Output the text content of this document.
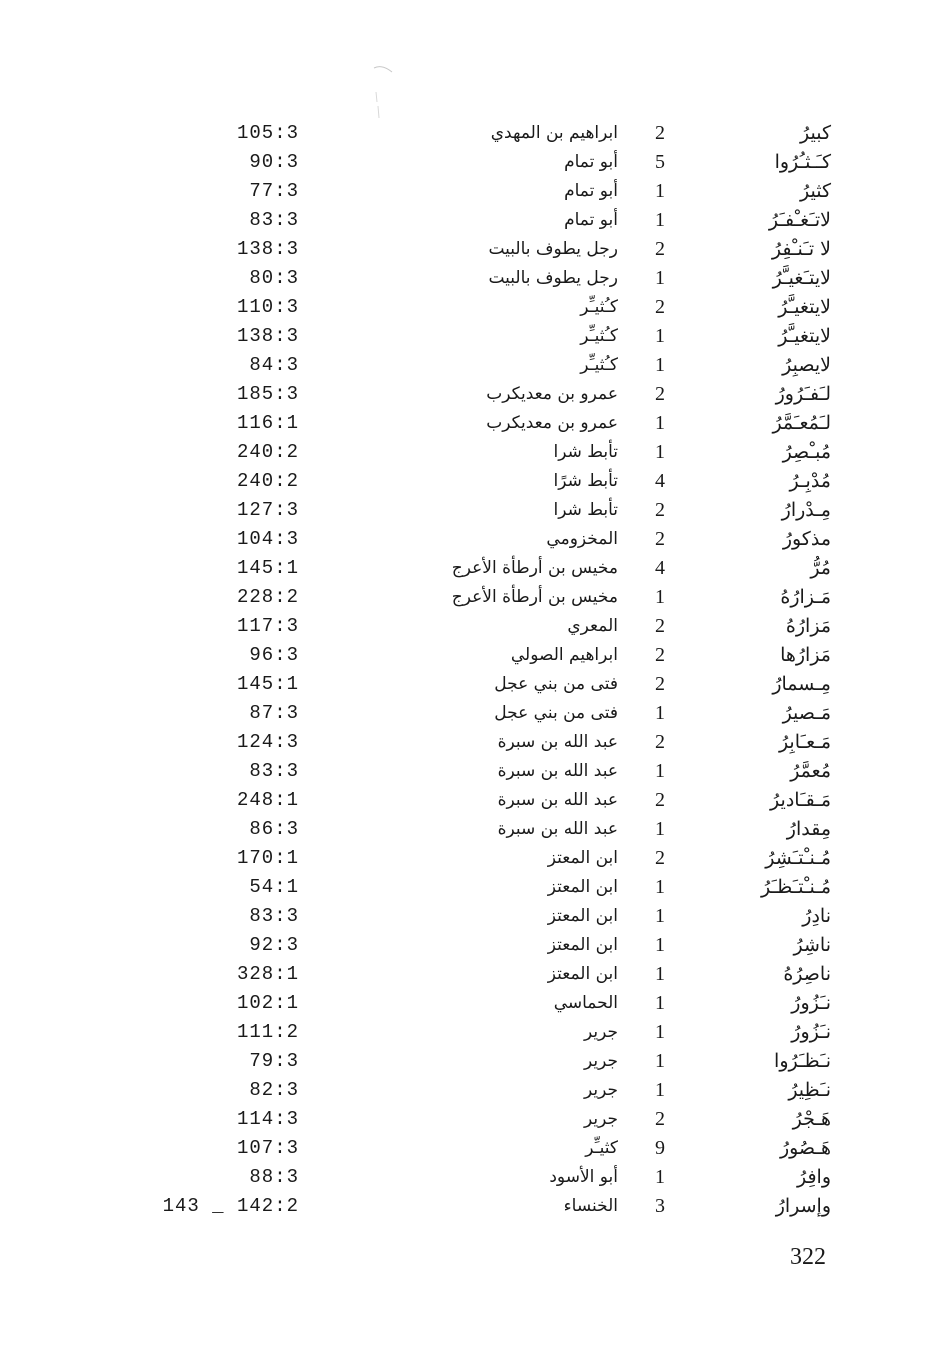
كبيرُ
2
ابراهيم بن المهدي
105:3
كـَـثـُرُوا
5
أبو تمام
90:3
كثيرُ
1
أبو تمام
77:3
لاتـَغـْفـَرُ
1
أبو تمام
83:3
لا تـَنـْفِرُ
2
رجل يطوف بالبيت
138:3
لايتـَغيـَّرُ
1
رجل يطوف بالبيت
80:3
لايتغيـَّرُ
2
كـُثيـِّر
110:3
لايتغيـَّرُ
1
كـُثيـِّر
138:3
لايصبِرُ
1
كـُثيـِّر
84:3
لـَفـَرُورُ
2
عمرو بن معديكرب
185:3
لـَمُعـَمَّرُ
1
عمرو بن معديكرب
116:1
مُبـْصِرُ
1
تأبط شرا
240:2
مُدْبِـرُ
4
تأبط شرًا
240:2
مِـدْرارُ
2
تأبط شرا
127:3
مذكورُ
2
المخزومي
104:3
مُرُّ
4
مخيس بن أرطأة الأعرج
145:1
مَـزارُهُ
1
مخيس بن أرطأة الأعرج
228:2
مَزارُهُ
2
المعري
117:3
مَزارُها
2
ابراهيم الصولي
96:3
مِـسمارُ
2
فتى من بني عجل
145:1
مَـصيرُ
1
فتى من بني عجل
87:3
مَـعـَابِرُ
2
عبد الله بن سبرة
124:3
مُعمَّرُ
1
عبد الله بن سبرة
83:3
مَـقـَاديرُ
2
عبد الله بن سبرة
248:1
مِقدارُ
1
عبد الله بن سبرة
86:3
مُـنـْتـَشِرُ
2
ابن المعتز
170:1
مُـنـْتـَظـَرُ
1
ابن المعتز
54:1
نادِرُ
1
ابن المعتز
83:3
ناشِرُ
1
ابن المعتز
92:3
ناصِرُهُ
1
ابن المعتز
328:1
نـَزُورُ
1
الحماسي
102:1
نـَزُورُ
1
جرير
111:2
نـَظـَرُوا
1
جرير
79:3
نـَظِيرُ
1
جرير
82:3
هَـجْرُ
2
جرير
114:3
هَـصُورُ
9
كثيـِّر
107:3
وافِرُ
1
أبو الأسود
88:3
وإسرارُ
3
الخنساء
143 _ 142:2
322
